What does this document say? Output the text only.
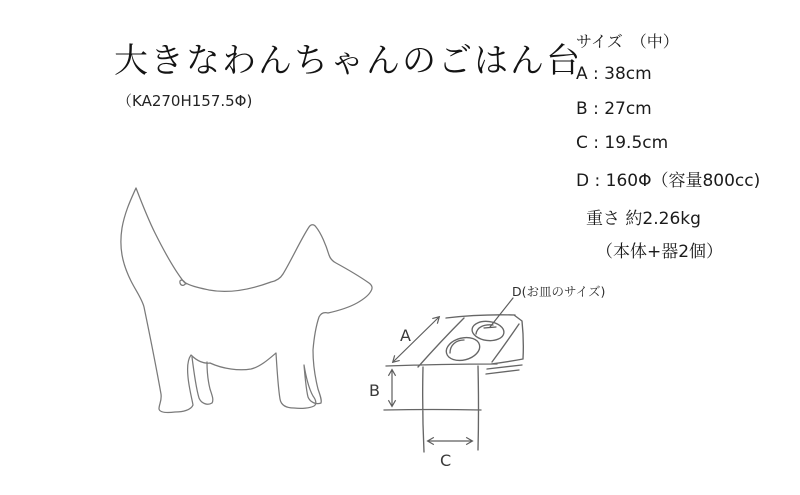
大きなわんちゃんのごはん台
（KA270H157.5Φ)
サイズ　（中）
A : 38cm
B : 27cm
C : 19.5cm
D : 160Φ（容量800cc)
重さ 約2.26kg
（本体+器2個）
A
B
C
D(お皿のサイズ)
